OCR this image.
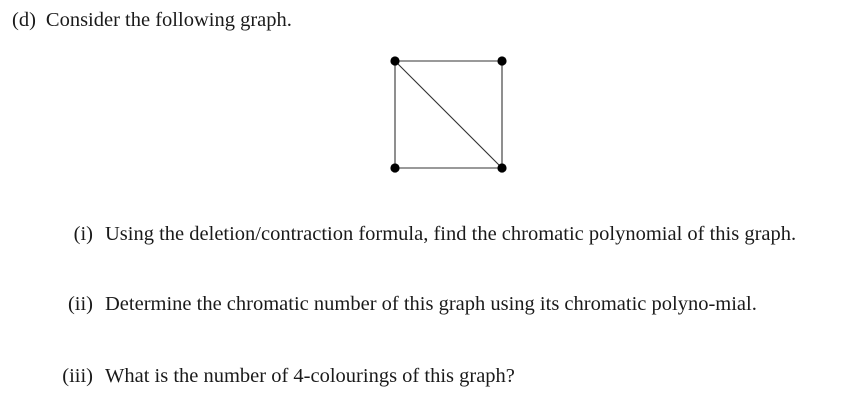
(d) Consider the following graph.
(i) Using the deletion/contraction formula, find the chromatic polynomial of this graph.
(ii) Determine the chromatic number of this graph using its chromatic polyno-mial.
(iii) What is the number of 4-colourings of this graph?
